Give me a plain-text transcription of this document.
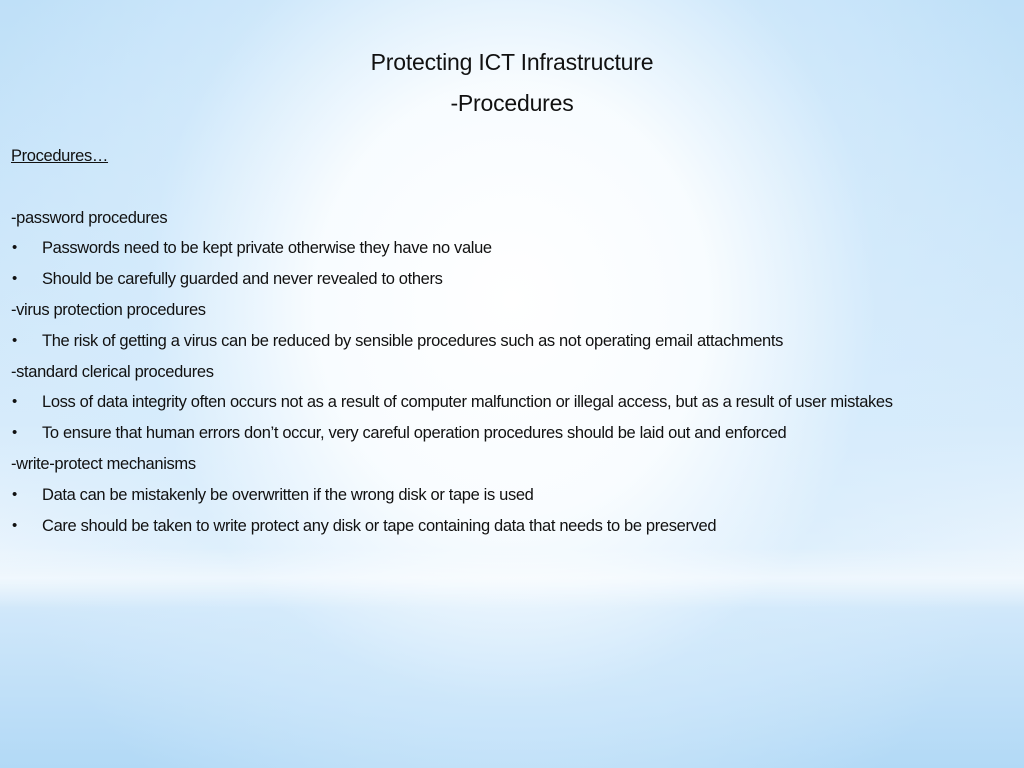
Protecting ICT Infrastructure
-Procedures
Procedures…
-password procedures
• Passwords need to be kept private otherwise they have no value
• Should be carefully guarded and never revealed to others
-virus protection procedures
• The risk of getting a virus can be reduced by sensible procedures such as not operating email attachments
-standard clerical procedures
• Loss of data integrity often occurs not as a result of computer malfunction or illegal access, but as a result of user mistakes
• To ensure that human errors don’t occur, very careful operation procedures should be laid out and enforced
-write-protect mechanisms
• Data can be mistakenly be overwritten if the wrong disk or tape is used
• Care should be taken to write protect any disk or tape containing data that needs to be preserved
